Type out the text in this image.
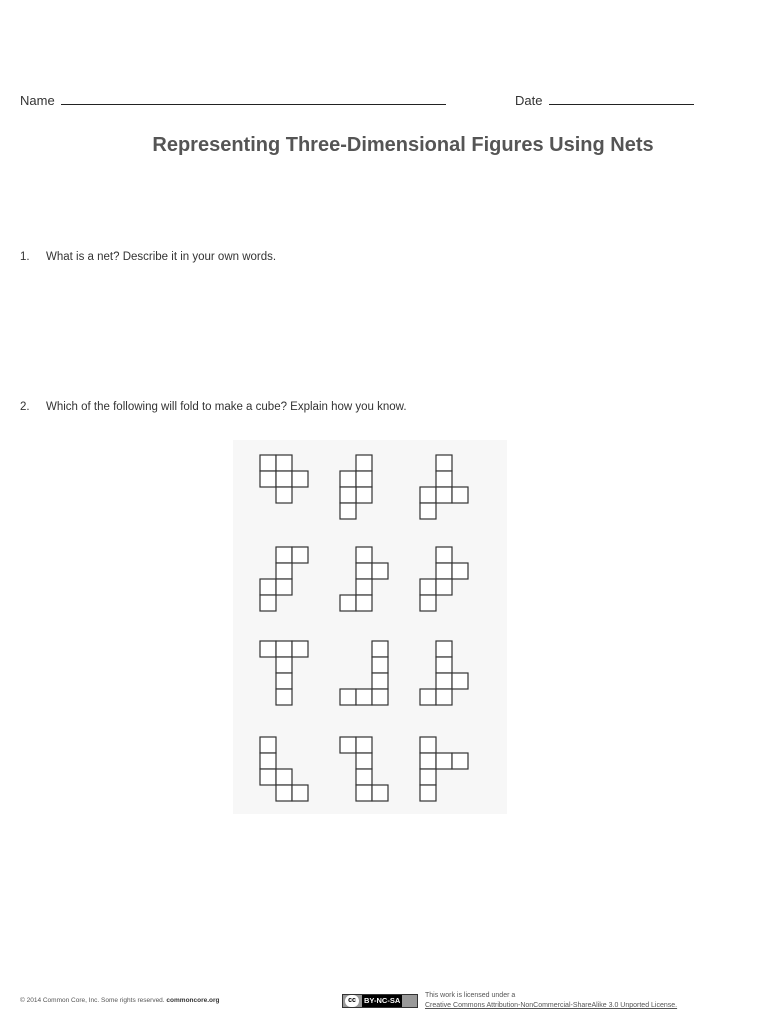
Name	Date
Representing Three-Dimensional Figures Using Nets
1. What is a net? Describe it in your own words.
2. Which of the following will fold to make a cube? Explain how you know.
© 2014 Common Core, Inc. Some rights reserved. commoncore.org	cc	BY-NC-SA
This work is licensed under a
Creative Commons Attribution-NonCommercial-ShareAlike 3.0 Unported License.
